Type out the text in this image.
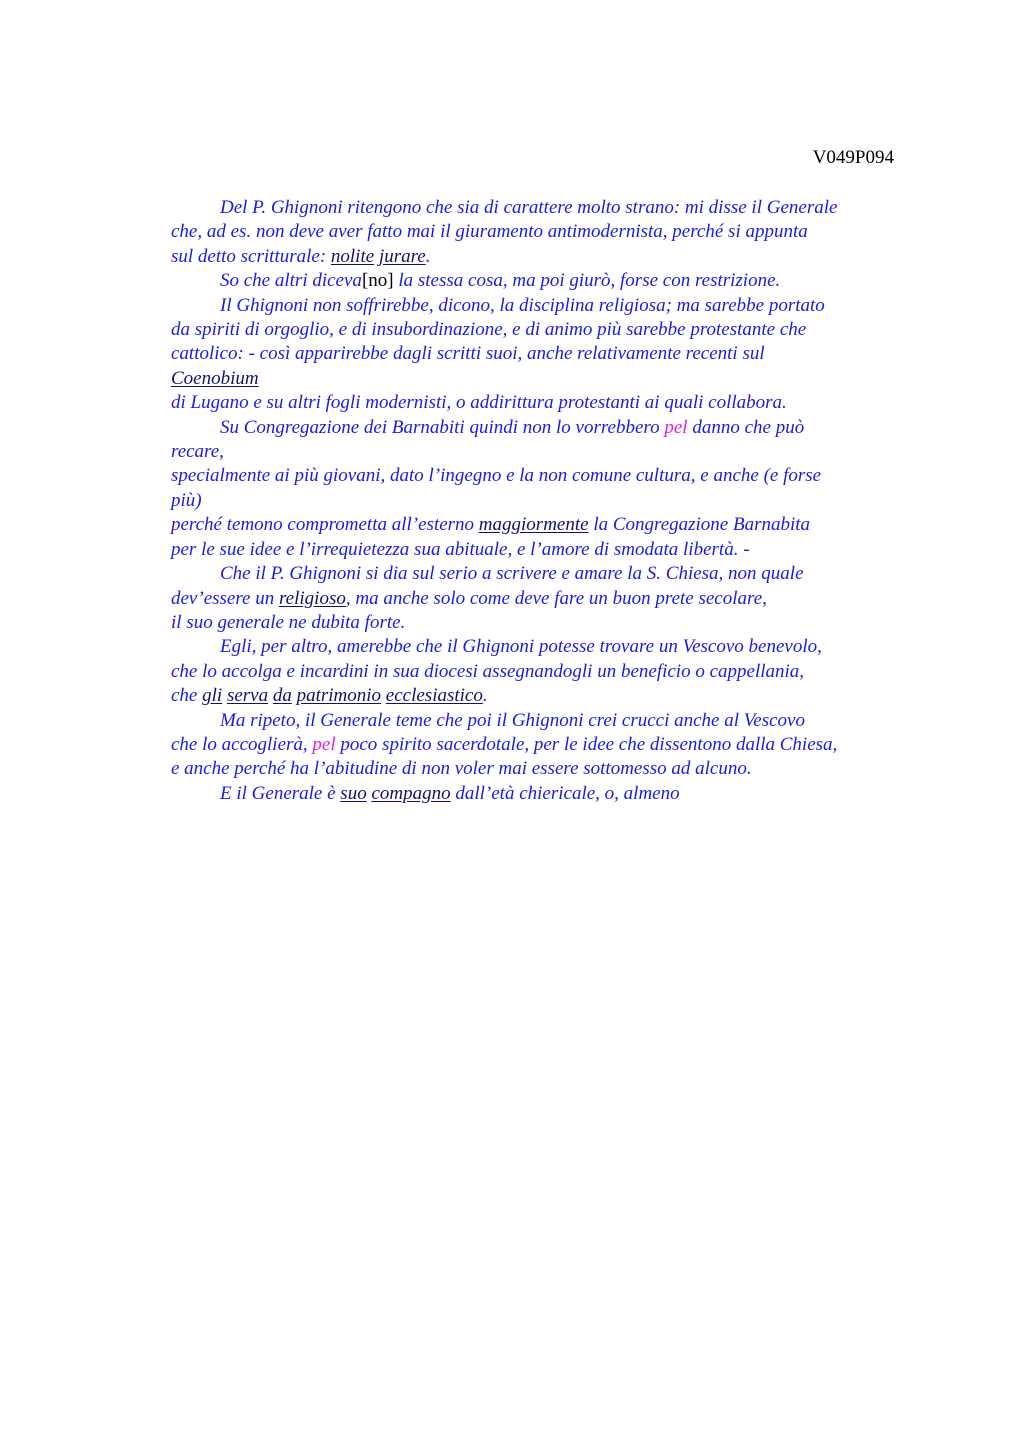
V049P094
Del P. Ghignoni ritengono che sia di carattere molto strano: mi disse il Generale
che, ad es. non deve aver fatto mai il giuramento antimodernista, perché si appunta
sul detto scritturale: nolite jurare.
So che altri diceva[no] la stessa cosa, ma poi giurò, forse con restrizione.
Il Ghignoni non soffrirebbe, dicono, la disciplina religiosa; ma sarebbe portato
da spiriti di orgoglio, e di insubordinazione, e di animo più sarebbe protestante che
cattolico: - così apparirebbe dagli scritti suoi, anche relativamente recenti sul
Coenobium
di Lugano e su altri fogli modernisti, o addirittura protestanti ai quali collabora.
Su Congregazione dei Barnabiti quindi non lo vorrebbero pel danno che può
recare,
specialmente ai più giovani, dato l’ingegno e la non comune cultura, e anche (e forse
più)
perché temono comprometta all’esterno maggiormente la Congregazione Barnabita
per le sue idee e l’irrequietezza sua abituale, e l’amore di smodata libertà. -
Che il P. Ghignoni si dia sul serio a scrivere e amare la S. Chiesa, non quale
dev’essere un religioso, ma anche solo come deve fare un buon prete secolare,
il suo generale ne dubita forte.
Egli, per altro, amerebbe che il Ghignoni potesse trovare un Vescovo benevolo,
che lo accolga e incardini in sua diocesi assegnandogli un beneficio o cappellania,
che gli serva da patrimonio ecclesiastico.
Ma ripeto, il Generale teme che poi il Ghignoni crei crucci anche al Vescovo
che lo accoglierà, pel poco spirito sacerdotale, per le idee che dissentono dalla Chiesa,
e anche perché ha l’abitudine di non voler mai essere sottomesso ad alcuno.
E il Generale è suo compagno dall’età chiericale, o, almeno
